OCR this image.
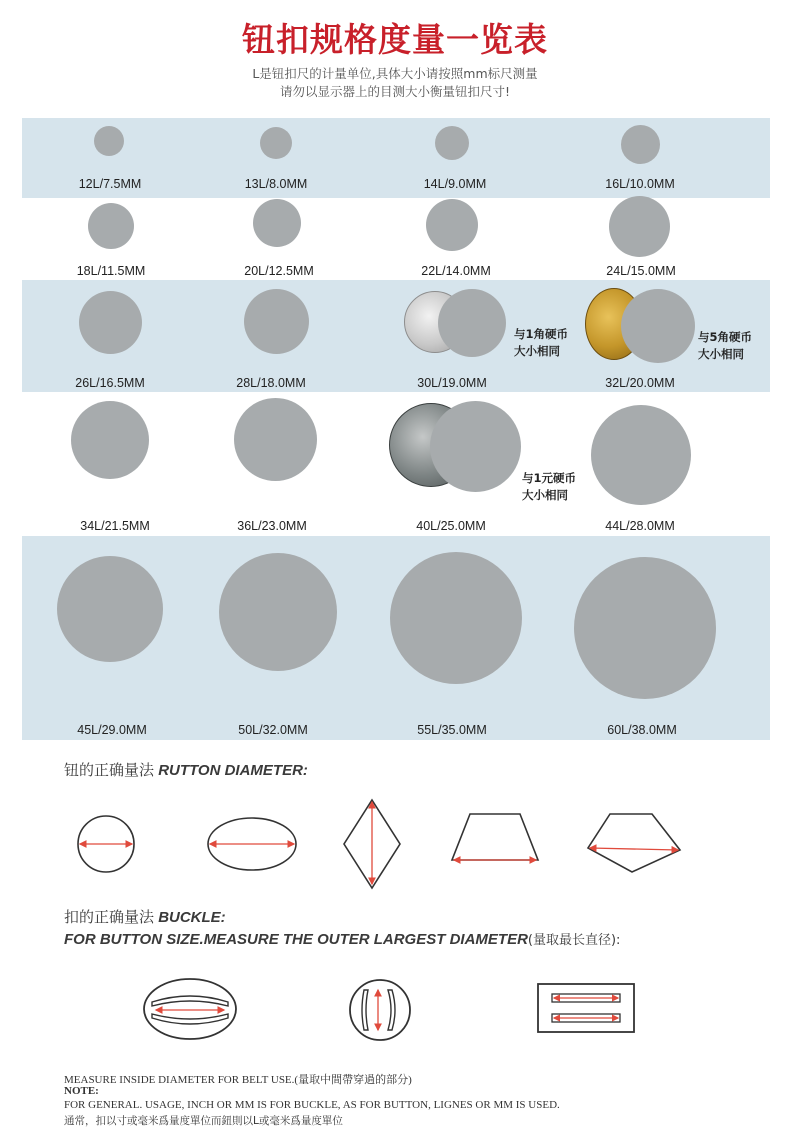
钮扣规格度量一览表
L是钮扣尺的计量单位,具体大小请按照mm标尺测量
请勿以显示器上的目测大小衡量钮扣尺寸!
12L/7.5MM	13L/8.0MM	14L/9.0MM	16L/10.0MM
18L/11.5MM	20L/12.5MM	22L/14.0MM	24L/15.0MM
与1角硬币
大小相同
与5角硬币
大小相同
26L/16.5MM	28L/18.0MM	30L/19.0MM	32L/20.0MM
与1元硬币
大小相同
34L/21.5MM	36L/23.0MM	40L/25.0MM	44L/28.0MM
45L/29.0MM	50L/32.0MM	55L/35.0MM	60L/38.0MM
钮的正确量法 RUTTON DIAMETER:
扣的正确量法 BUCKLE:
FOR BUTTON SIZE.MEASURE THE OUTER LARGEST DIAMETER(量取最长直径):
MEASURE INSIDE DIAMETER FOR BELT USE.(量取中間帶穿過的部分)
NOTE:
FOR GENERAL. USAGE, INCH OR MM IS FOR BUCKLE, AS FOR BUTTON, LIGNES OR MM IS USED.
通常，扣以寸或毫米爲量度單位而鈕則以L或毫米爲量度單位
